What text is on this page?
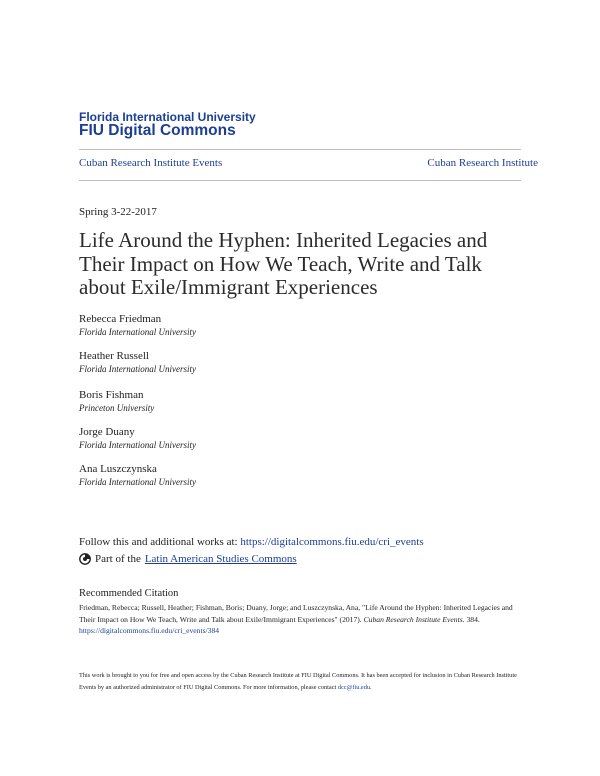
Florida International University
FIU Digital Commons
Cuban Research Institute Events	Cuban Research Institute
Spring 3-22-2017
Life Around the Hyphen: Inherited Legacies and Their Impact on How We Teach, Write and Talk about Exile/Immigrant Experiences
Rebecca Friedman
Florida International University
Heather Russell
Florida International University
Boris Fishman
Princeton University
Jorge Duany
Florida International University
Ana Luszczynska
Florida International University
Follow this and additional works at: https://digitalcommons.fiu.edu/cri_events
Part of the Latin American Studies Commons
Recommended Citation
Friedman, Rebecca; Russell, Heather; Fishman, Boris; Duany, Jorge; and Luszczynska, Ana, "Life Around the Hyphen: Inherited Legacies and Their Impact on How We Teach, Write and Talk about Exile/Immigrant Experiences" (2017). Cuban Research Institute Events. 384.
https://digitalcommons.fiu.edu/cri_events/384
This work is brought to you for free and open access by the Cuban Research Institute at FIU Digital Commons. It has been accepted for inclusion in Cuban Research Institute Events by an authorized administrator of FIU Digital Commons. For more information, please contact dcc@fiu.edu.
